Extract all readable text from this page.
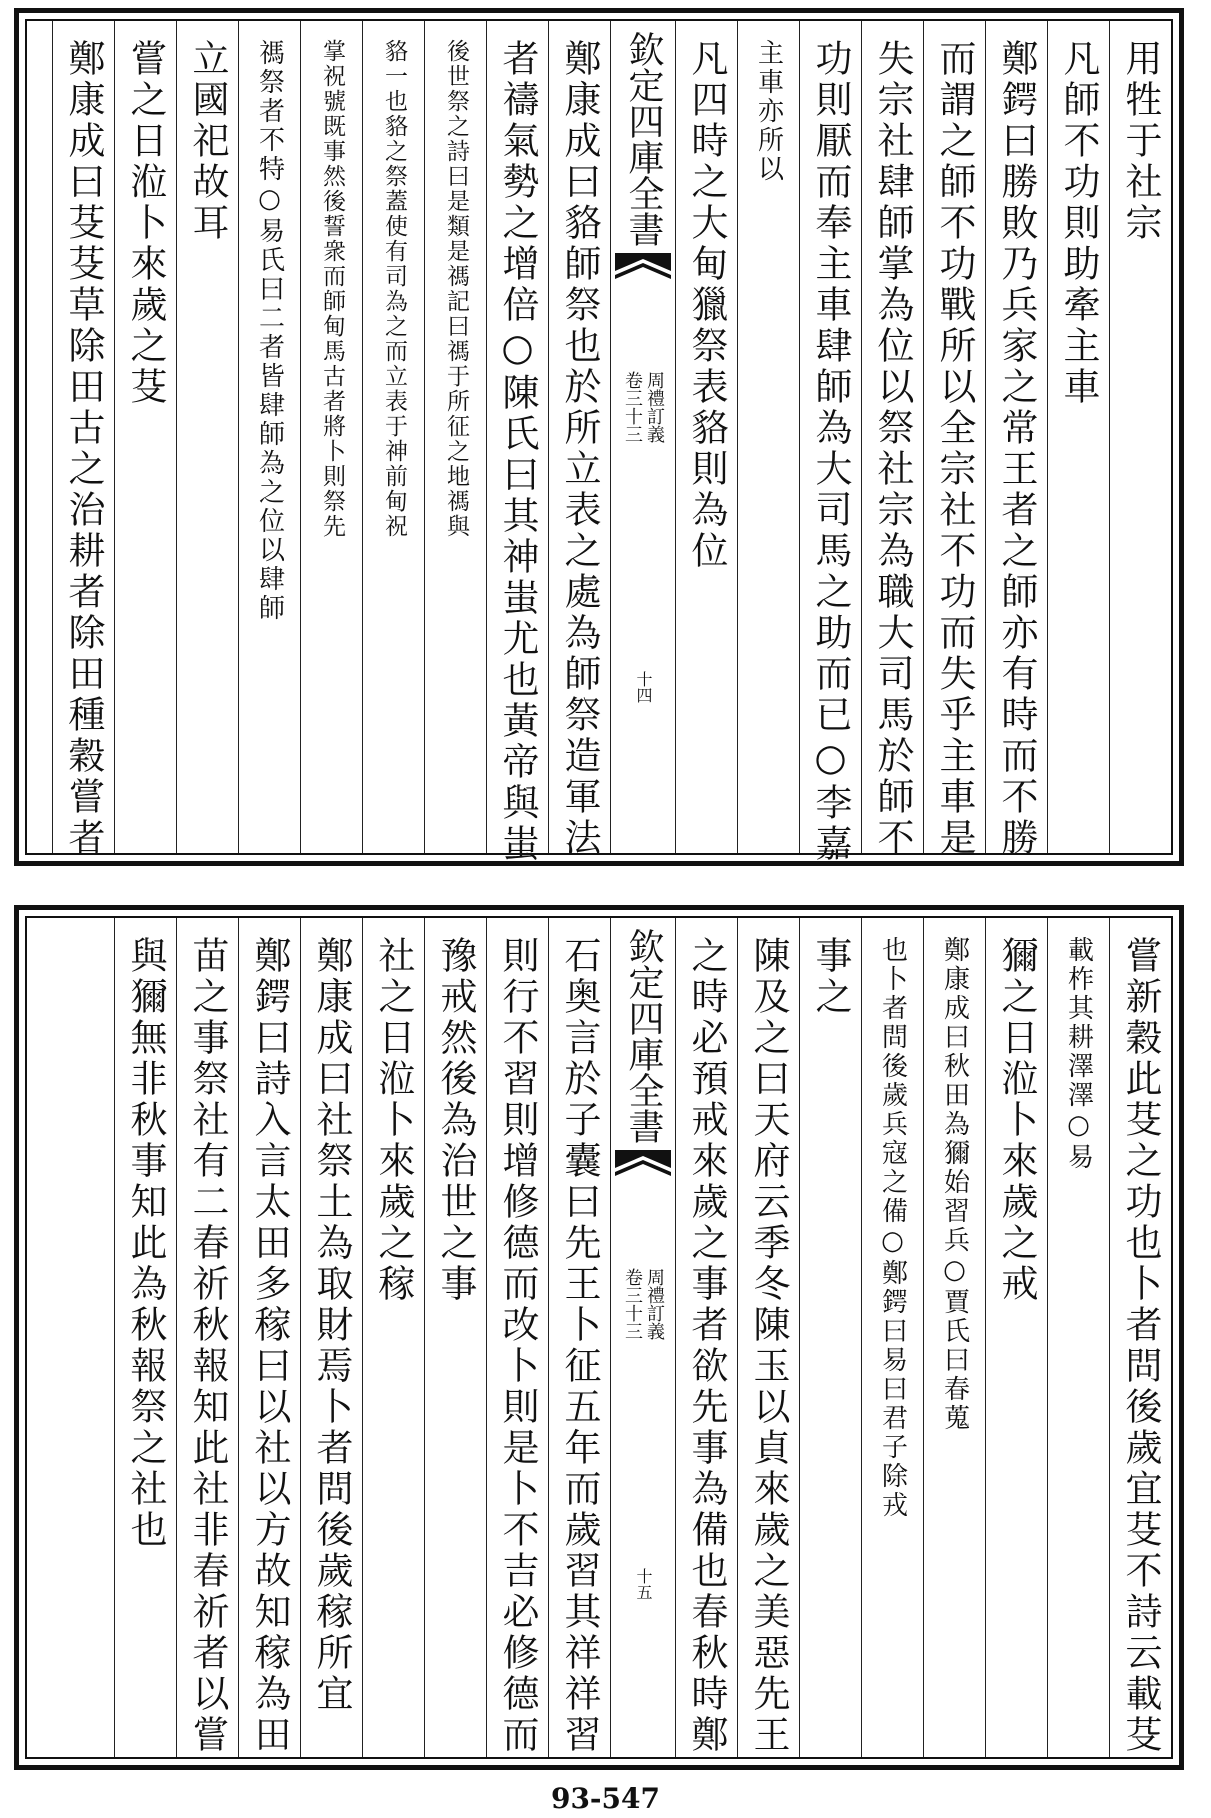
用牲于社宗
凡師不功則助牽主車
鄭鍔曰勝敗乃兵家之常王者之師亦有時而不勝
而謂之師不功戰所以全宗社不功而失乎主車是
失宗社肆師掌為位以祭社宗為職大司馬於師不
功則厭而奉主車肆師為大司馬之助而已○李嘉
主車亦所以
凡四時之大甸獵祭表貉則為位
欽定四庫全書
卷三十三 周禮訂義
十四
鄭康成曰貉師祭也於所立表之處為師祭造軍法
者禱氣勢之增倍○陳氏曰其神蚩尤也黃帝與蚩
後世祭之詩曰是類是禡記曰禡于所征之地禡與
貉一也貉之祭蓋使有司為之而立表于神前甸祝
掌祝號既事然後誓衆而師甸馬古者將卜則祭先
禡祭者不特○易氏曰二者皆肆師為之位以肆師
立國祀故耳
嘗之日涖卜來歲之芟
鄭康成曰芟芟草除田古之治耕者除田種穀嘗者
嘗新穀此芟之功也卜者問後歲宜芟不詩云載芟
載柞其耕澤澤○易
獮之日涖卜來歲之戒
鄭康成曰秋田為獮始習兵○賈氏曰春蒐
也卜者問後歲兵寇之備○鄭鍔曰易曰君子除戎
事之
陳及之曰天府云季冬陳玉以貞來歲之美惡先王
之時必預戒來歲之事者欲先事為備也春秋時鄭
欽定四庫全書
卷三十三 周禮訂義
十五
石奥言於子囊曰先王卜征五年而歲習其祥祥習
則行不習則增修德而改卜則是卜不吉必修德而
豫戒然後為治世之事
社之日涖卜來歲之稼
鄭康成曰社祭土為取財焉卜者問後歲稼所宜
鄭鍔曰詩入言太田多稼曰以社以方故知稼為田
苗之事祭社有二春祈秋報知此社非春祈者以嘗
與獮無非秋事知此為秋報祭之社也
93-547
